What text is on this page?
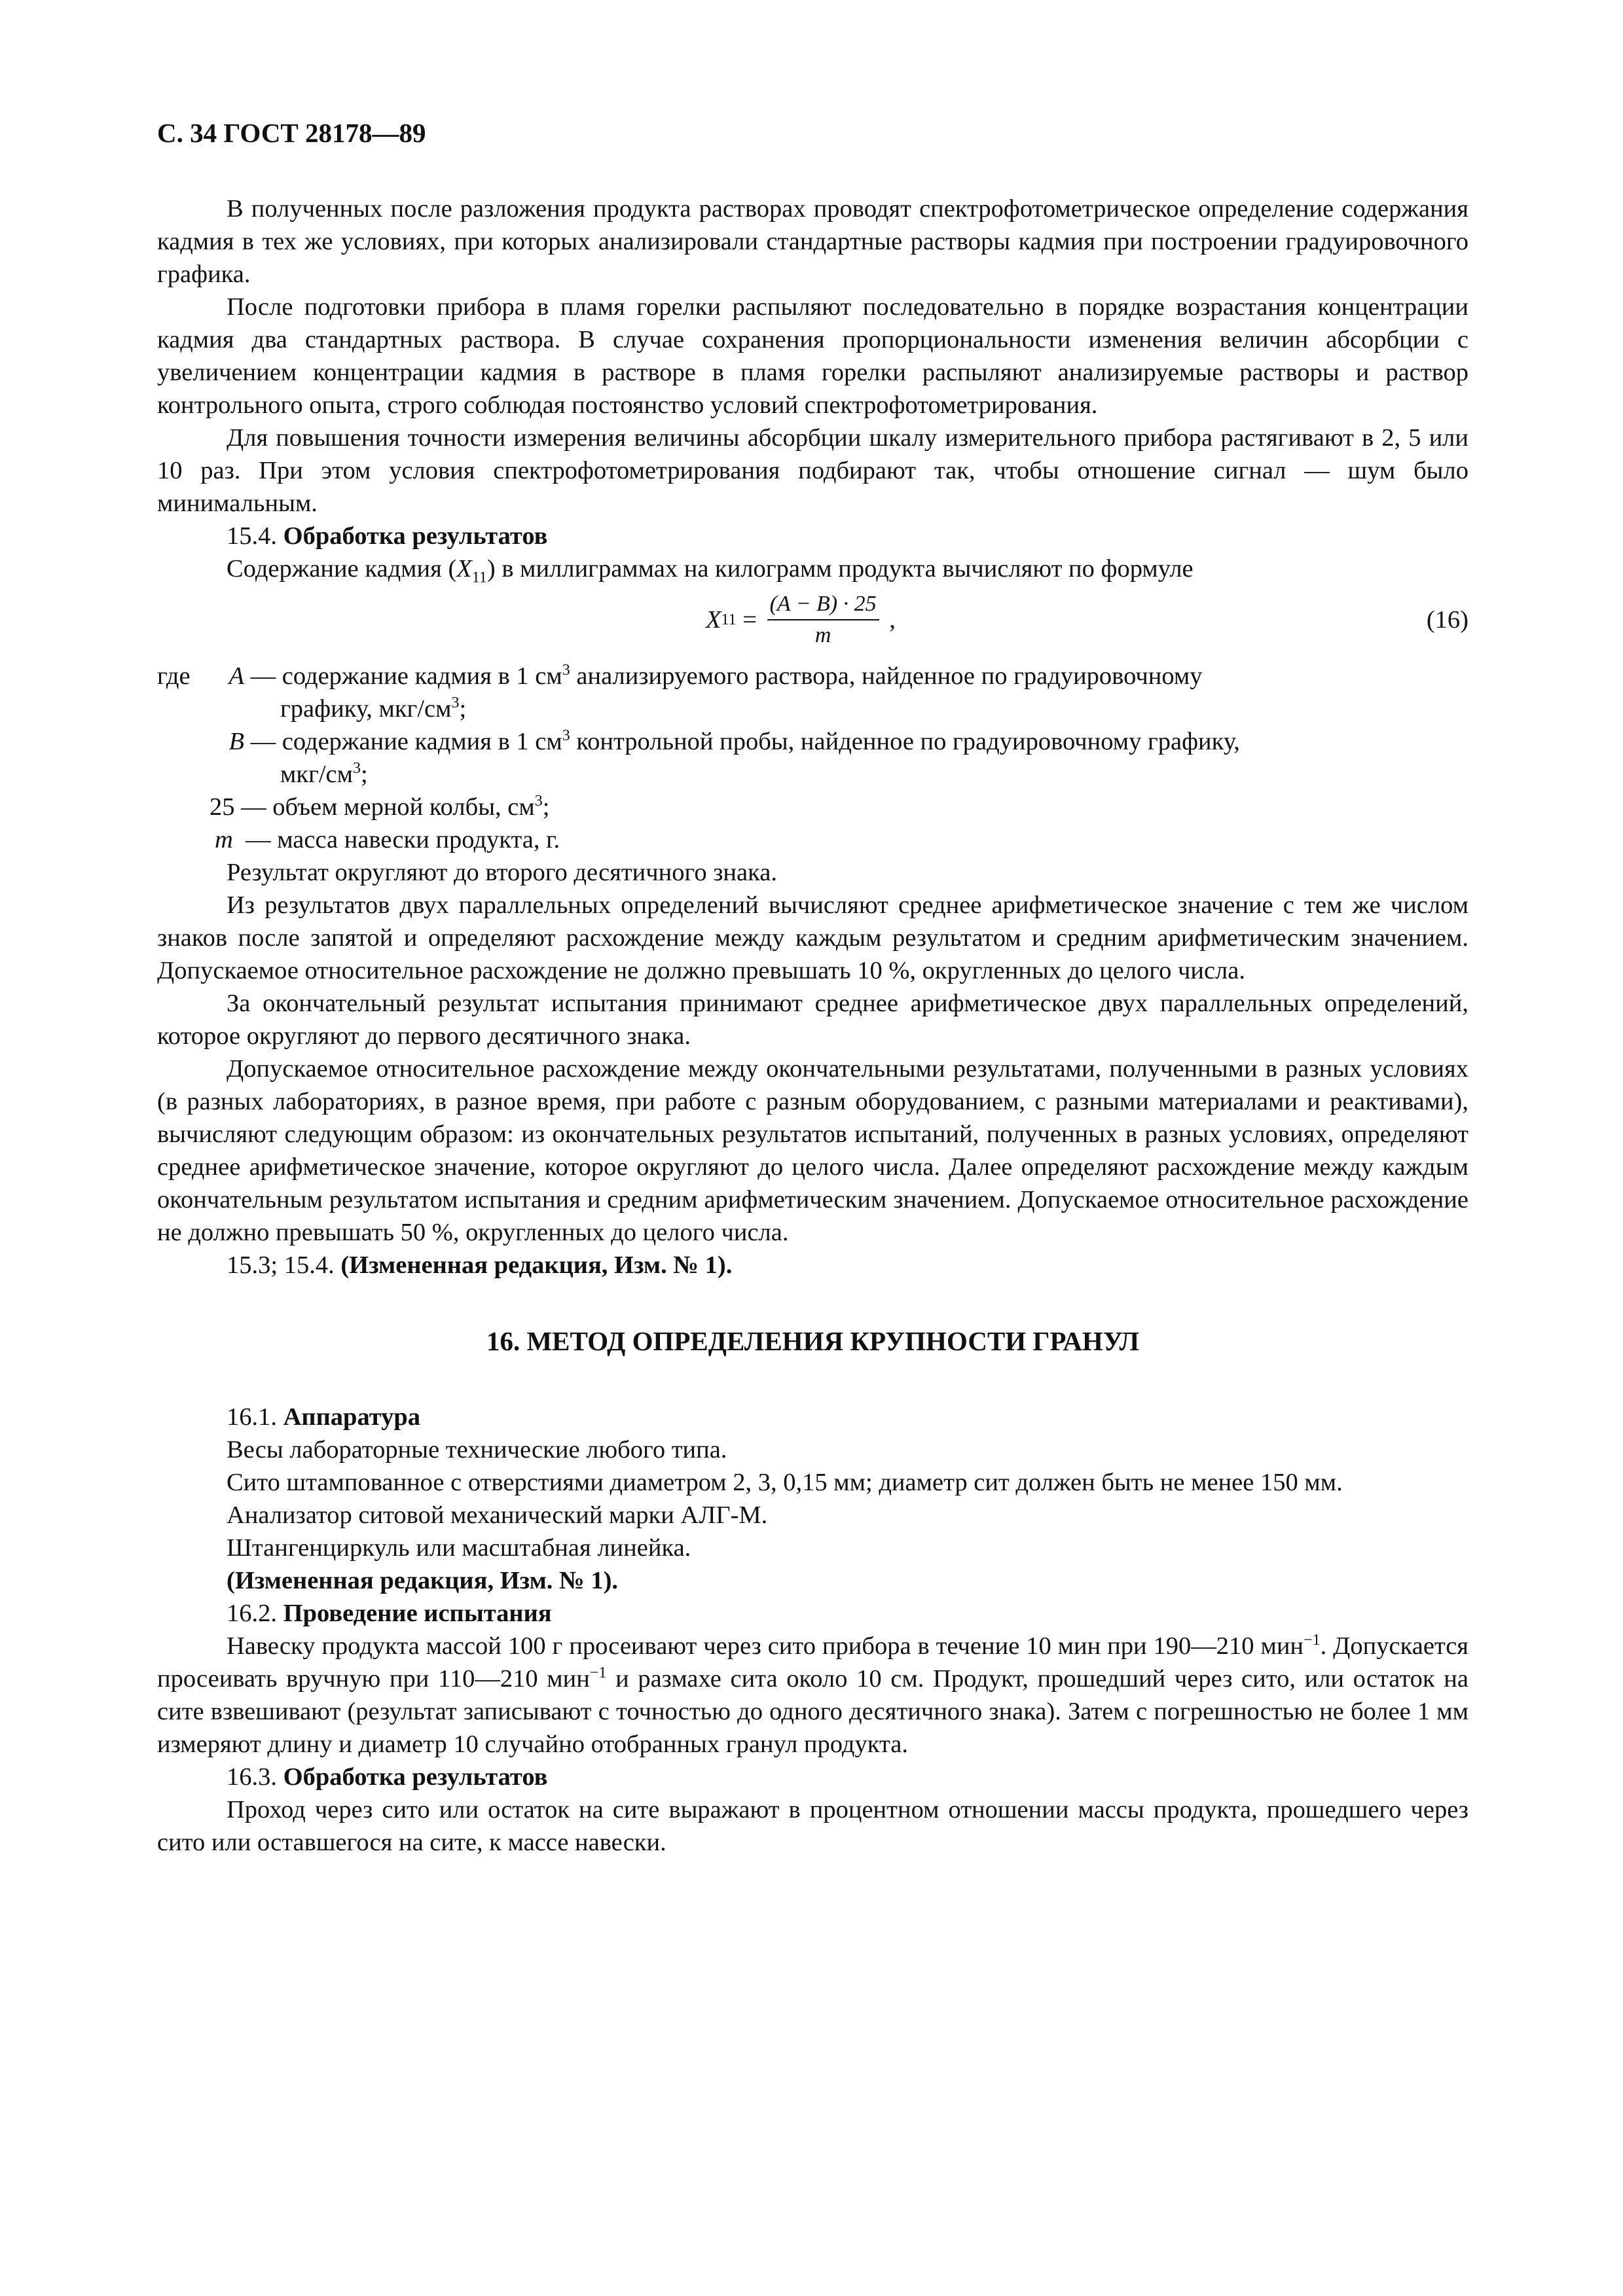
С. 34 ГОСТ 28178—89

В полученных после разложения продукта растворах проводят спектрофотометрическое определение содержания кадмия в тех же условиях, при которых анализировали стандартные растворы кадмия при построении градуировочного графика.

После подготовки прибора в пламя горелки распыляют последовательно в порядке возрастания концентрации кадмия два стандартных раствора. В случае сохранения пропорциональности изменения величин абсорбции с увеличением концентрации кадмия в растворе в пламя горелки распыляют анализируемые растворы и раствор контрольного опыта, строго соблюдая постоянство условий спектрофотометрирования.

Для повышения точности измерения величины абсорбции шкалу измерительного прибора растягивают в 2, 5 или 10 раз. При этом условия спектрофотометрирования подбирают так, чтобы отношение сигнал — шум было минимальным.

15.4. Обработка результатов

Содержание кадмия $(X_{11})$ в миллиграммах на килограмм продукта вычисляют по формуле

X $11 = \frac{(A - B) \cdot 25}{m}$ ,	(16)
где	A — содержание кадмия в 1 $см^3$ анализируемого раствора, найденное по градуировочному
графику, мкг/$см^3$;
B — содержание кадмия в 1 $см^3$ контрольной пробы, найденное по градуировочному графику,
мкг/$см^3$;
25 — объем мерной колбы, $см^3$;
m — масса навески продукта, г.

Результат округляют до второго десятичного знака.

Из результатов двух параллельных определений вычисляют среднее арифметическое значение с тем же числом знаков после запятой и определяют расхождение между каждым результатом и средним арифметическим значением. Допускаемое относительное расхождение не должно превышать 10 %, округленных до целого числа.

За окончательный результат испытания принимают среднее арифметическое двух параллельных определений, которое округляют до первого десятичного знака.

Допускаемое относительное расхождение между окончательными результатами, полученными в разных условиях (в разных лабораториях, в разное время, при работе с разным оборудованием, с разными материалами и реактивами), вычисляют следующим образом: из окончательных результатов испытаний, полученных в разных условиях, определяют среднее арифметическое значение, которое округляют до целого числа. Далее определяют расхождение между каждым окончательным результатом испытания и средним арифметическим значением. Допускаемое относительное расхождение не должно превышать 50 %, округленных до целого числа.

15.3; 15.4. (Измененная редакция, Изм. № 1).

16. МЕТОД ОПРЕДЕЛЕНИЯ КРУПНОСТИ ГРАНУЛ

16.1. Аппаратура

Весы лабораторные технические любого типа.

Сито штампованное с отверстиями диаметром 2, 3, 0,15 мм; диаметр сит должен быть не менее 150 мм.

Анализатор ситовой механический марки АЛГ-М.

Штангенциркуль или масштабная линейка.

(Измененная редакция, Изм. № 1).

16.2. Проведение испытания

Навеску продукта массой 100 г просеивают через сито прибора в течение 10 мин при 190—210 мин$^{-1}$. Допускается просеивать вручную при 110—210 мин$^{-1}$ и размахе сита около 10 см. Продукт, прошедший через сито, или остаток на сите взвешивают (результат записывают с точностью до одного десятичного знака). Затем с погрешностью не более 1 мм измеряют длину и диаметр 10 случайно отобранных гранул продукта.

16.3. Обработка результатов

Проход через сито или остаток на сите выражают в процентном отношении массы продукта, прошедшего через сито или оставшегося на сите, к массе навески.
